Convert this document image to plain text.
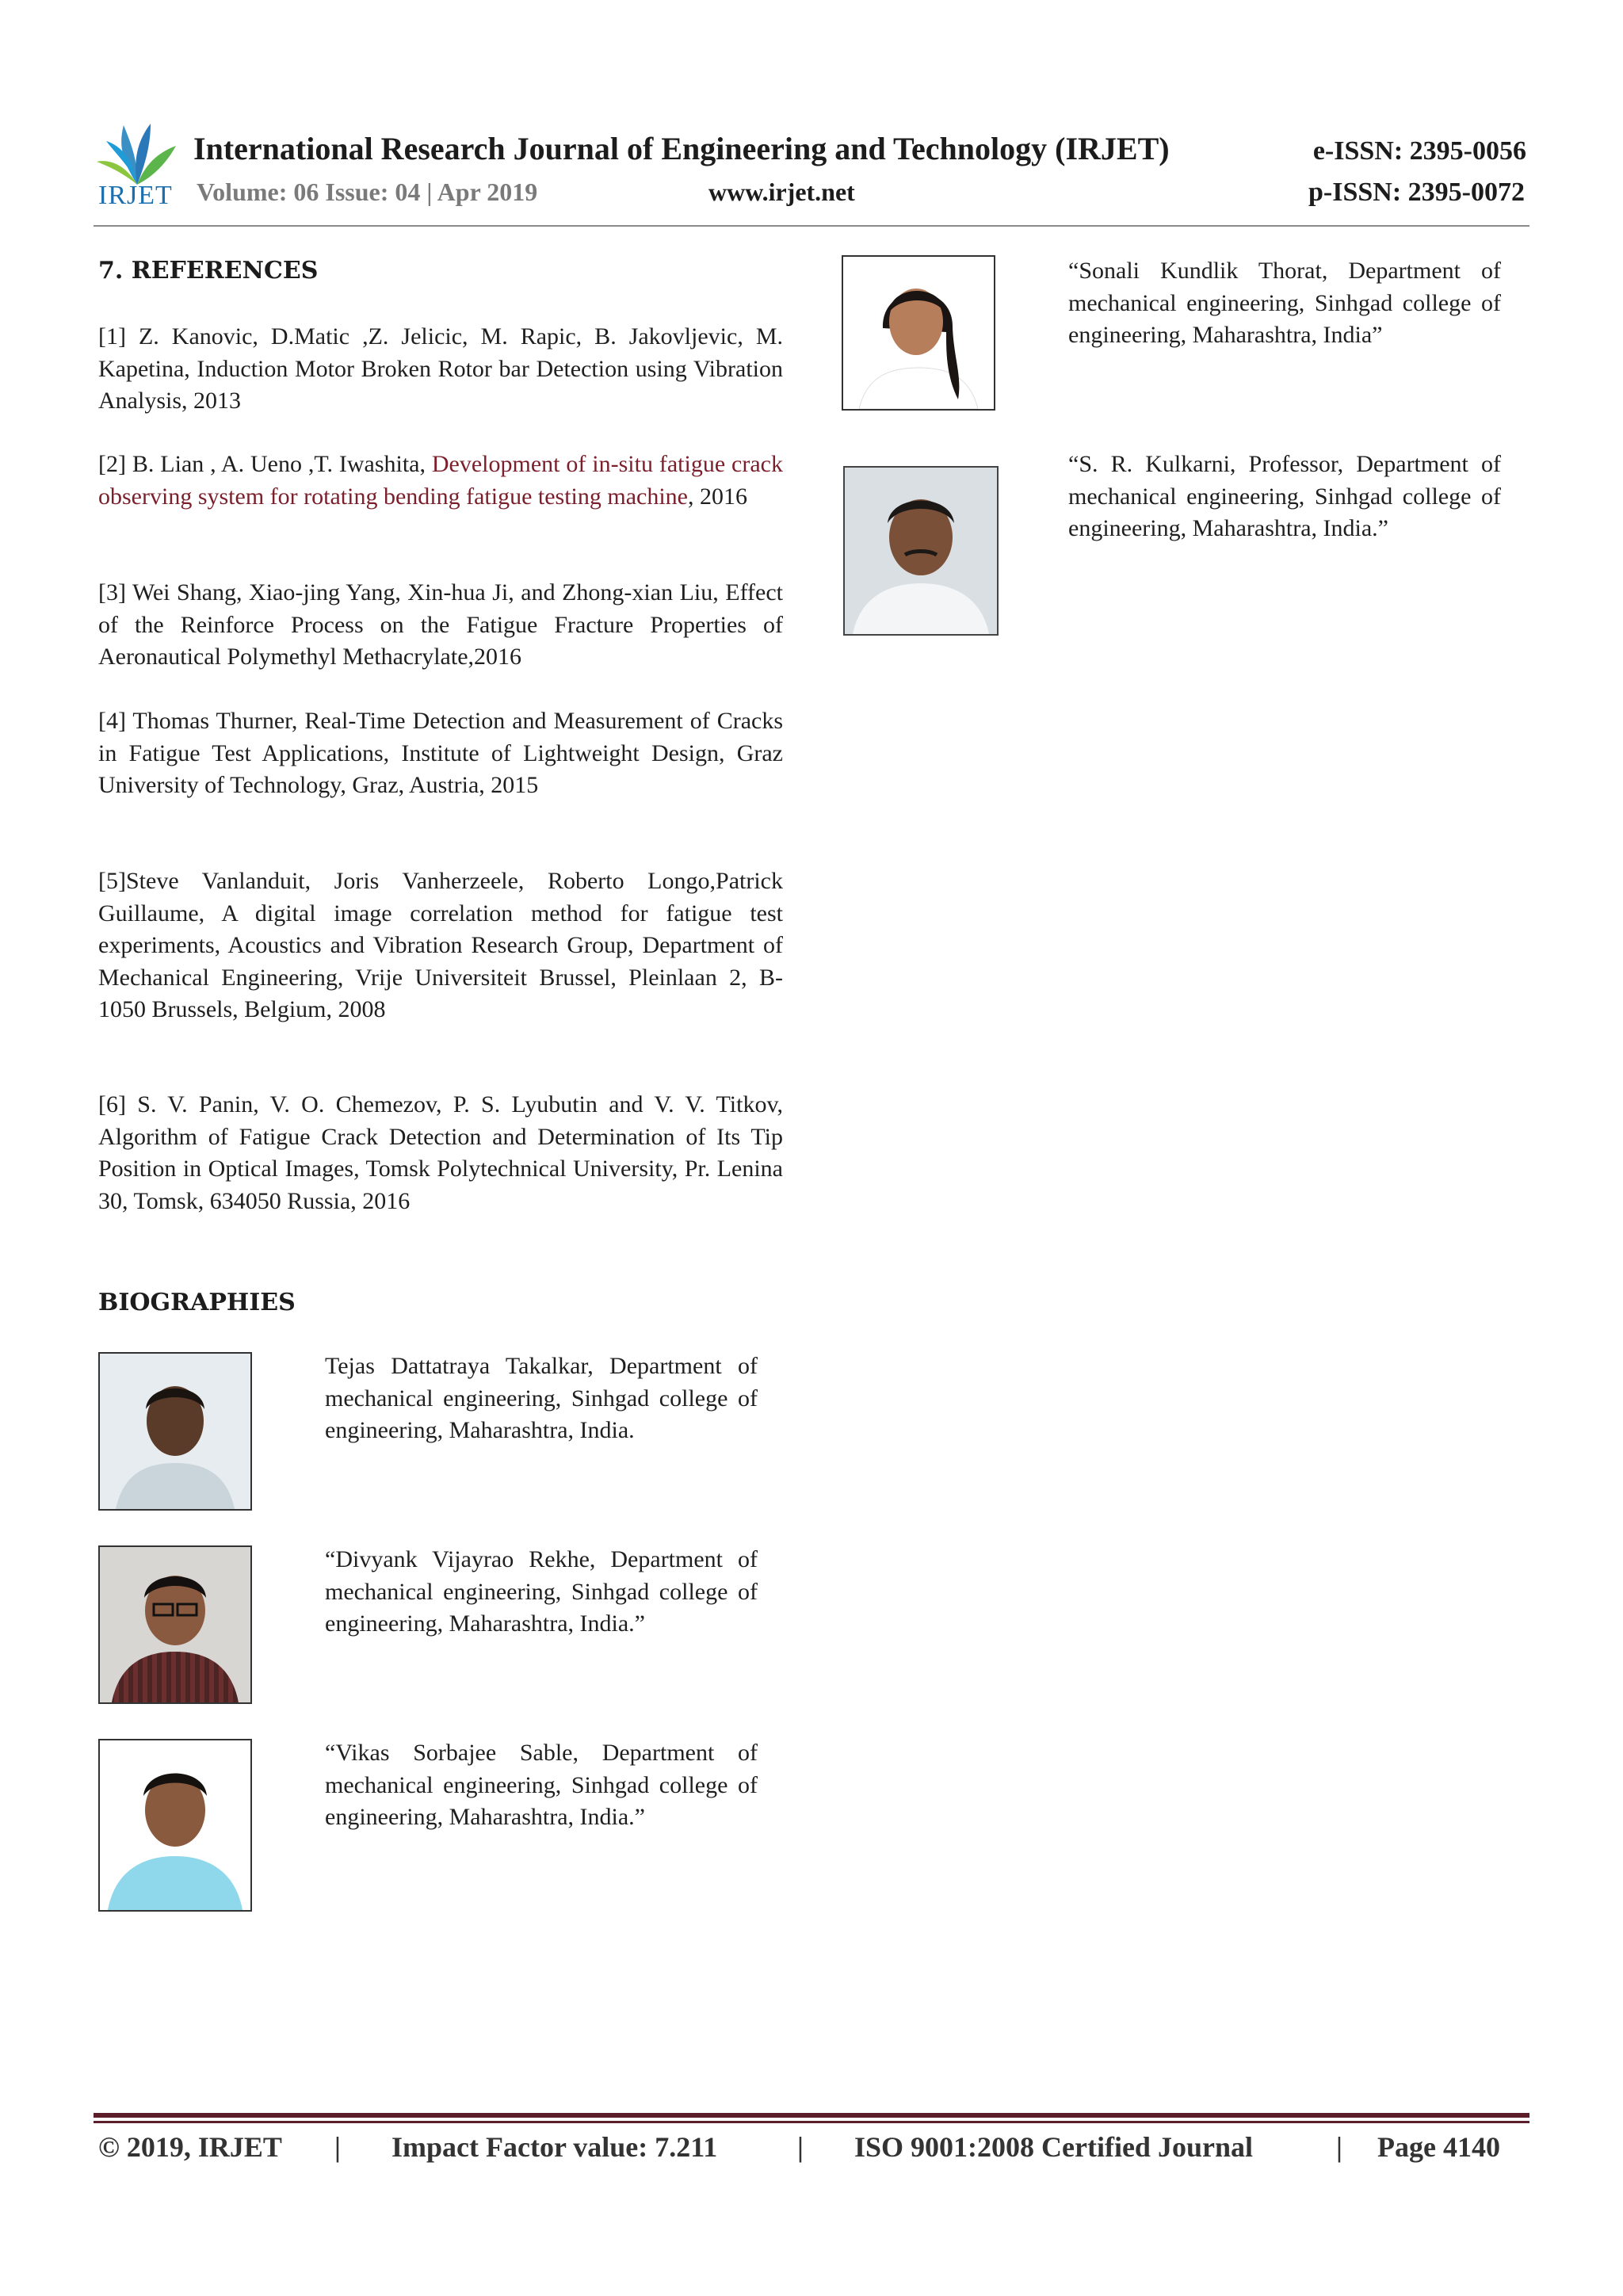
IRJET
International Research Journal of Engineering and Technology (IRJET)	e-ISSN: 2395-0056
Volume: 06 Issue: 04 | Apr 2019	www.irjet.net	p-ISSN: 2395-0072
7. REFERENCES
[1] Z. Kanovic, D.Matic ,Z. Jelicic, M. Rapic, B. Jakovljevic, M. Kapetina, Induction Motor Broken Rotor bar Detection using Vibration Analysis, 2013
[2] B. Lian , A. Ueno ,T. Iwashita, Development of in-situ fatigue crack observing system for rotating bending fatigue testing machine, 2016
[3] Wei Shang, Xiao-jing Yang, Xin-hua Ji, and Zhong-xian Liu, Effect of the Reinforce Process on the Fatigue Fracture Properties of Aeronautical Polymethyl Methacrylate,2016
[4] Thomas Thurner, Real-Time Detection and Measurement of Cracks in Fatigue Test Applications, Institute of Lightweight Design, Graz University of Technology, Graz, Austria, 2015
[5]Steve Vanlanduit, Joris Vanherzeele, Roberto Longo,Patrick Guillaume, A digital image correlation method for fatigue test experiments, Acoustics and Vibration Research Group, Department of Mechanical Engineering, Vrije Universiteit Brussel, Pleinlaan 2, B-1050 Brussels, Belgium, 2008
[6] S. V. Panin, V. O. Chemezov, P. S. Lyubutin and V. V. Titkov, Algorithm of Fatigue Crack Detection and Determination of Its Tip Position in Optical Images, Tomsk Polytechnical University, Pr. Lenina 30, Tomsk, 634050 Russia, 2016
BIOGRAPHIES
Tejas Dattatraya Takalkar, Department of mechanical engineering, Sinhgad college of engineering, Maharashtra, India.
“Divyank Vijayrao Rekhe, Department of mechanical engineering, Sinhgad college of engineering, Maharashtra, India.”
“Vikas Sorbajee Sable, Department of mechanical engineering, Sinhgad college of engineering, Maharashtra, India.”
“Sonali Kundlik Thorat, Department of mechanical engineering, Sinhgad college of engineering, Maharashtra, India”
“S. R. Kulkarni, Professor, Department of mechanical engineering, Sinhgad college of engineering, Maharashtra, India.”
© 2019, IRJET | Impact Factor value: 7.211	| ISO 9001:2008 Certified Journal	| Page 4140
